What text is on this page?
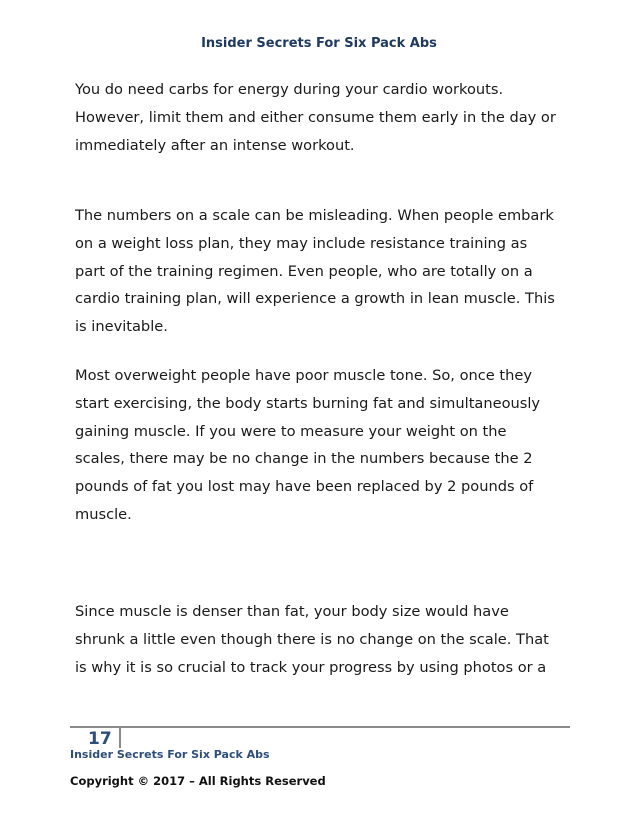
Insider Secrets For Six Pack Abs
You do need carbs for energy during your cardio workouts.
However, limit them and either consume them early in the day or
immediately after an intense workout.
The numbers on a scale can be misleading. When people embark
on a weight loss plan, they may include resistance training as
part of the training regimen. Even people, who are totally on a
cardio training plan, will experience a growth in lean muscle. This
is inevitable.
Most overweight people have poor muscle tone. So, once they
start exercising, the body starts burning fat and simultaneously
gaining muscle. If you were to measure your weight on the
scales, there may be no change in the numbers because the 2
pounds of fat you lost may have been replaced by 2 pounds of
muscle.
Since muscle is denser than fat, your body size would have
shrunk a little even though there is no change on the scale. That
is why it is so crucial to track your progress by using photos or a
17
Insider Secrets For Six Pack Abs
Copyright © 2017 – All Rights Reserved
